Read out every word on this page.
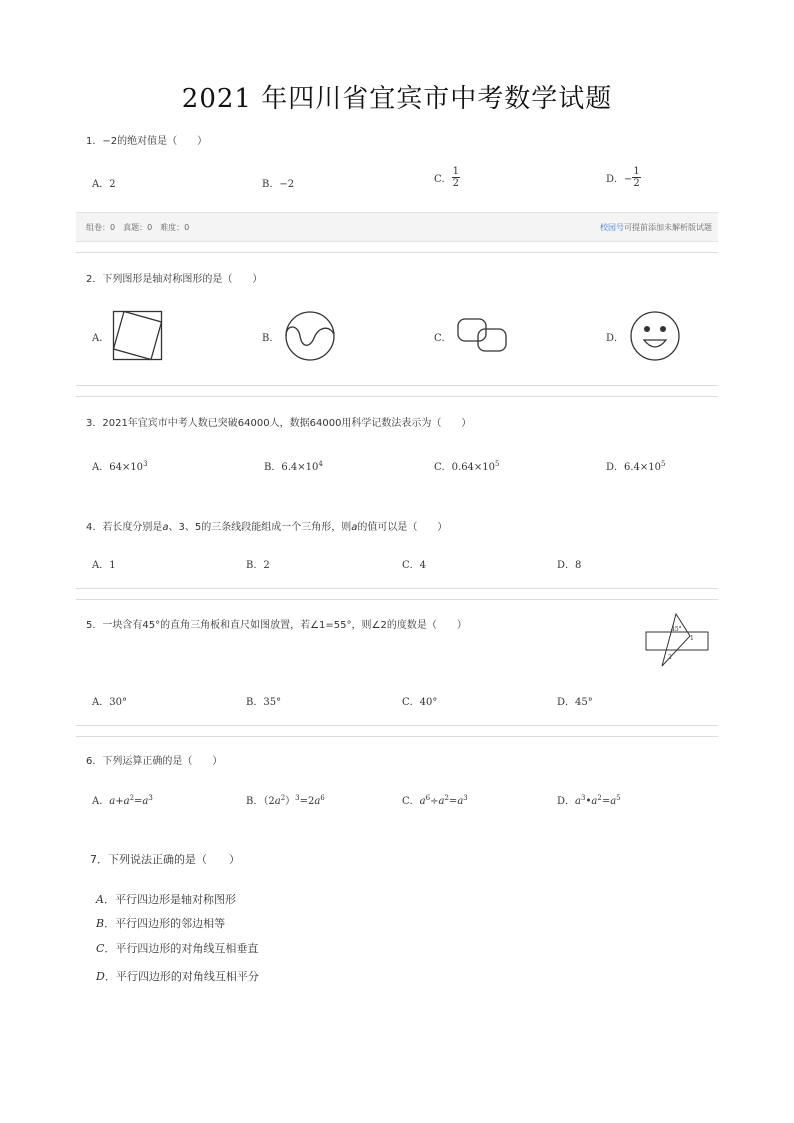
2021 年四川省宜宾市中考数学试题
1．−2的绝对值是（　　）
A．2	B．−2	C． $\frac{1}{2}$	D．− $\frac{1}{2}$
组卷：0　真题：0　难度：0	校园号可提前添加未解析版试题
2．下列图形是轴对称图形的是（　　）
A．	B．	C．	D．
3．2021年宜宾市中考人数已突破64000人，数据64000用科学记数法表示为（　　）
A．$64\times 10^3$	B．$6.4\times 10^4$	C．$0.64\times 10^5$	D．$6.4\times 10^5$
4．若长度分别是a、3、5的三条线段能组成一个三角形，则a的值可以是（　　）
A．1	B．2	C．4	D．8
5．一块含有45°的直角三角板和直尺如图放置，若∠1=55°，则∠2的度数是（　　）	45°
1
2
A．30°	B．35°	C．40°	D．45°
6．下列运算正确的是（　　）
A．$a+a^2=a^3$	B．$(2a^2)^3=2a^6$	C．$a^6\div a^2=a^3$	D．$a^3•a^2=a^5$
7．下列说法正确的是（　　）
A．平行四边形是轴对称图形
B．平行四边形的邻边相等
C．平行四边形的对角线互相垂直
D．平行四边形的对角线互相平分
